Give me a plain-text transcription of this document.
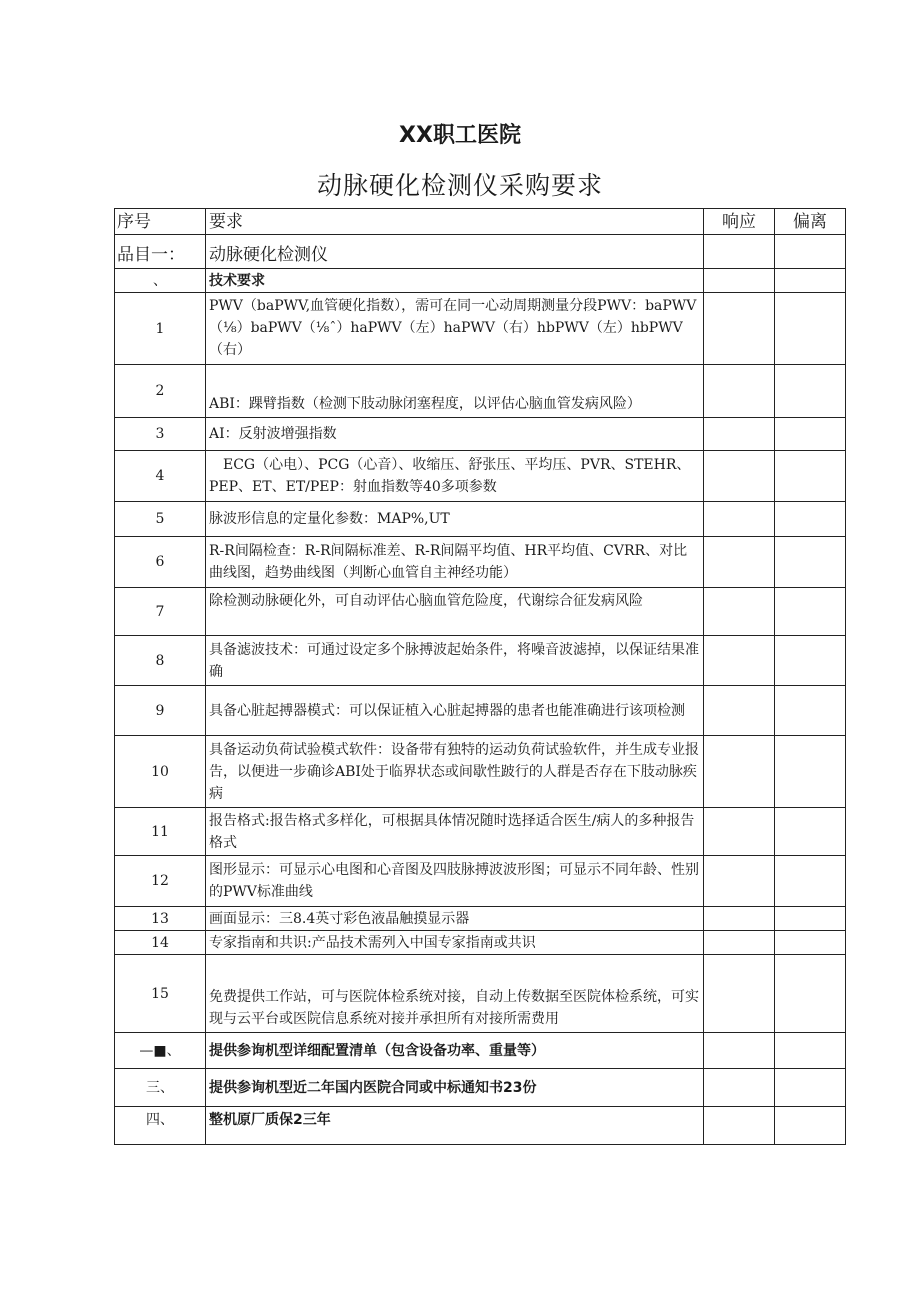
XX职工医院
动脉硬化检测仪采购要求
序号	要求	响应	偏离
品目一：	动脉硬化检测仪		
、	技术要求		
1	PWV（baPWV,血管硬化指数），需可在同一心动周期测量分段PWV：baPWV（⅛）baPWV（⅛ˆ）haPWV（左）haPWV（右）hbPWV（左）hbPWV（右）		
2	ABI：踝臂指数（检测下肢动脉闭塞程度，以评估心脑血管发病风险）		
3	AI：反射波增强指数		
4	ECG（心电）、PCG（心音）、收缩压、舒张压、平均压、PVR、STEHR、PEP、ET、ET/PEP：射血指数等40多项参数		
5	脉波形信息的定量化参数：MAP%,UT		
6	R-R间隔检查：R-R间隔标准差、R-R间隔平均值、HR平均值、CVRR、对比曲线图，趋势曲线图（判断心血管自主神经功能）		
7	除检测动脉硬化外，可自动评估心脑血管危险度，代谢综合征发病风险		
8	具备滤波技术：可通过设定多个脉搏波起始条件，将噪音波滤掉，以保证结果准确		
9	具备心脏起搏器模式：可以保证植入心脏起搏器的患者也能准确进行该项检测		
10	具备运动负荷试验模式软件：设备带有独特的运动负荷试验软件，并生成专业报告，以便进一步确诊ABI处于临界状态或间歇性跛行的人群是否存在下肢动脉疾病		
11	报告格式:报告格式多样化，可根据具体情况随时选择适合医生/病人的多种报告格式		
12	图形显示：可显示心电图和心音图及四肢脉搏波波形图；可显示不同年龄、性别的PWV标准曲线		
13	画面显示：三8.4英寸彩色液晶触摸显示器		
14	专家指南和共识:产品技术需列入中国专家指南或共识		
15	免费提供工作站，可与医院体检系统对接，自动上传数据至医院体检系统，可实现与云平台或医院信息系统对接并承担所有对接所需费用		
—■、	提供参询机型详细配置清单（包含设备功率、重量等）		
三、	提供参询机型近二年国内医院合同或中标通知书23份		
四、	整机原厂质保2三年		
